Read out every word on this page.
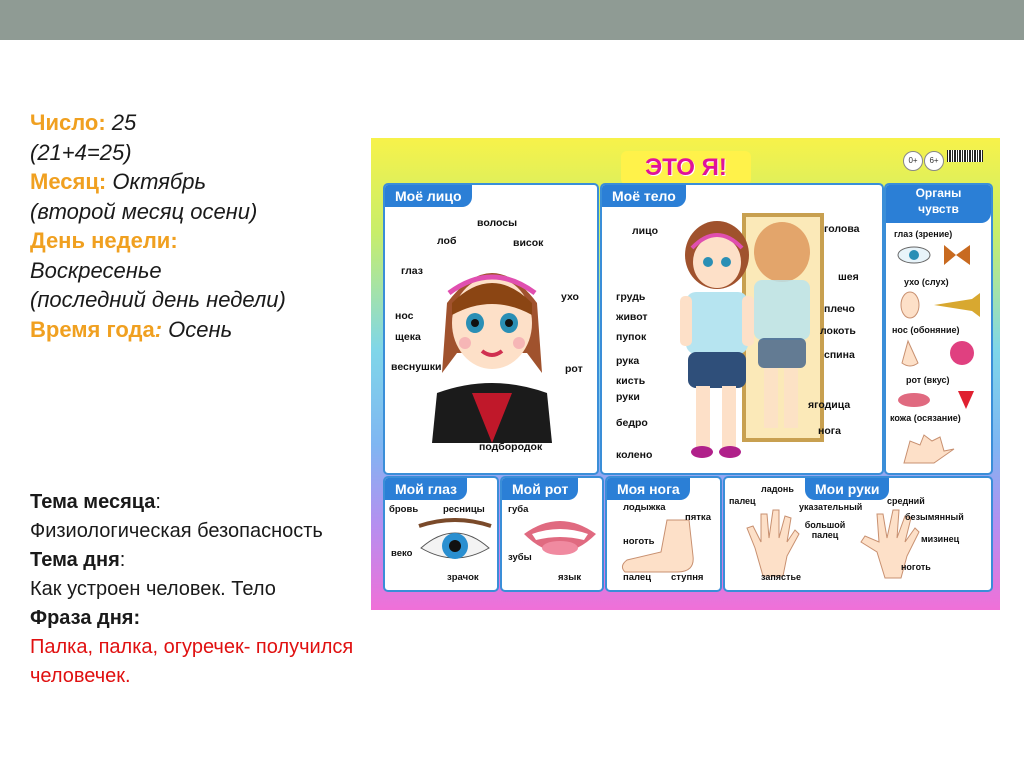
Число: 25
(21+4=25)
Месяц: Октябрь
(второй месяц осени)
День недели:
Воскресенье
(последний день недели)
Время года: Осень
Тема месяца:
Физиологическая безопасность
Тема дня:
Как устроен человек. Тело
Фраза дня:
Палка, палка, огуречек- получился человечек.
ЭТО Я!	0+	6+
Моё лицо
волосы
лоб	висок
глаз
ухо
нос
щека
веснушки	рот
подбородок
Моё тело
лицо	голова
шея
грудь
живот
плечо
пупок	локоть
рука	спина
кисть
руки
ягодица
бедро
нога
колено
Органы чувств
глаз (зрение)
ухо (слух)
нос (обоняние)
рот (вкус)
кожа (осязание)
Мой глаз
бровь	ресницы
веко
зрачок
Мой рот
губа
зубы
язык
Моя нога
лодыжка
пятка
ноготь
палец ступня
Мои руки
ладонь
палец
указательный
средний
безымянный
большой палец	мизинец
запястье
ноготь
